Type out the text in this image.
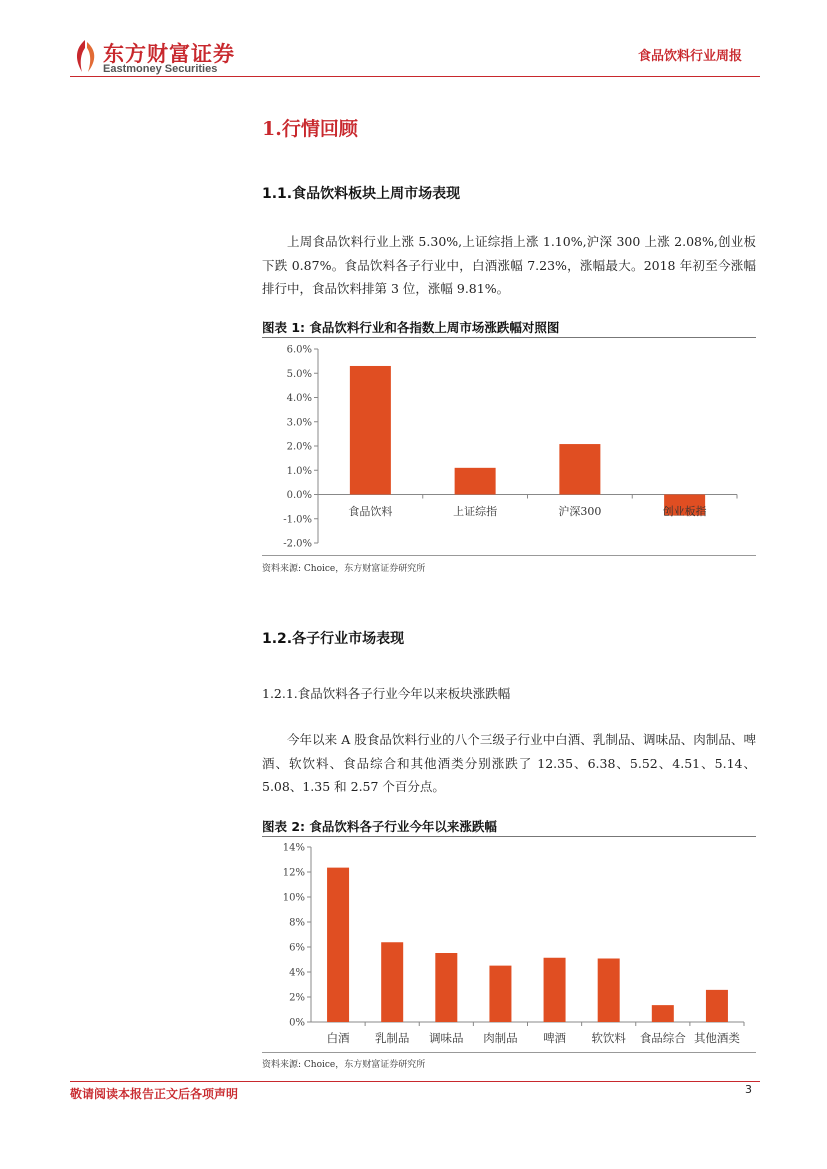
东方财富证券
Eastmoney Securities
食品饮料行业周报
1.行情回顾
1.1.食品饮料板块上周市场表现
上周食品饮料行业上涨 5.30%,上证综指上涨 1.10%,沪深 300 上涨 2.08%,创业板下跌 0.87%。食品饮料各子行业中，白酒涨幅 7.23%，涨幅最大。2018 年初至今涨幅排行中，食品饮料排第 3 位，涨幅 9.81%。
图表 1: 食品饮料行业和各指数上周市场涨跌幅对照图
-2.0%
-1.0%
0.0%
1.0%
2.0%
3.0%
4.0%
5.0%
6.0%
食品饮料	上证综指	沪深300	创业板指
资料来源: Choice，东方财富证券研究所
1.2.各子行业市场表现
1.2.1.食品饮料各子行业今年以来板块涨跌幅
今年以来 A 股食品饮料行业的八个三级子行业中白酒、乳制品、调味品、肉制品、啤酒、软饮料、食品综合和其他酒类分别涨跌了 12.35、6.38、5.52、4.51、5.14、5.08、1.35 和 2.57 个百分点。
图表 2: 食品饮料各子行业今年以来涨跌幅
0%
2%
4%
6%
8%
10%
12%
14%
白酒 乳制品 调味品 肉制品 啤酒 软饮料 食品综合 其他酒类
资料来源: Choice，东方财富证券研究所
敬请阅读本报告正文后各项声明	3
